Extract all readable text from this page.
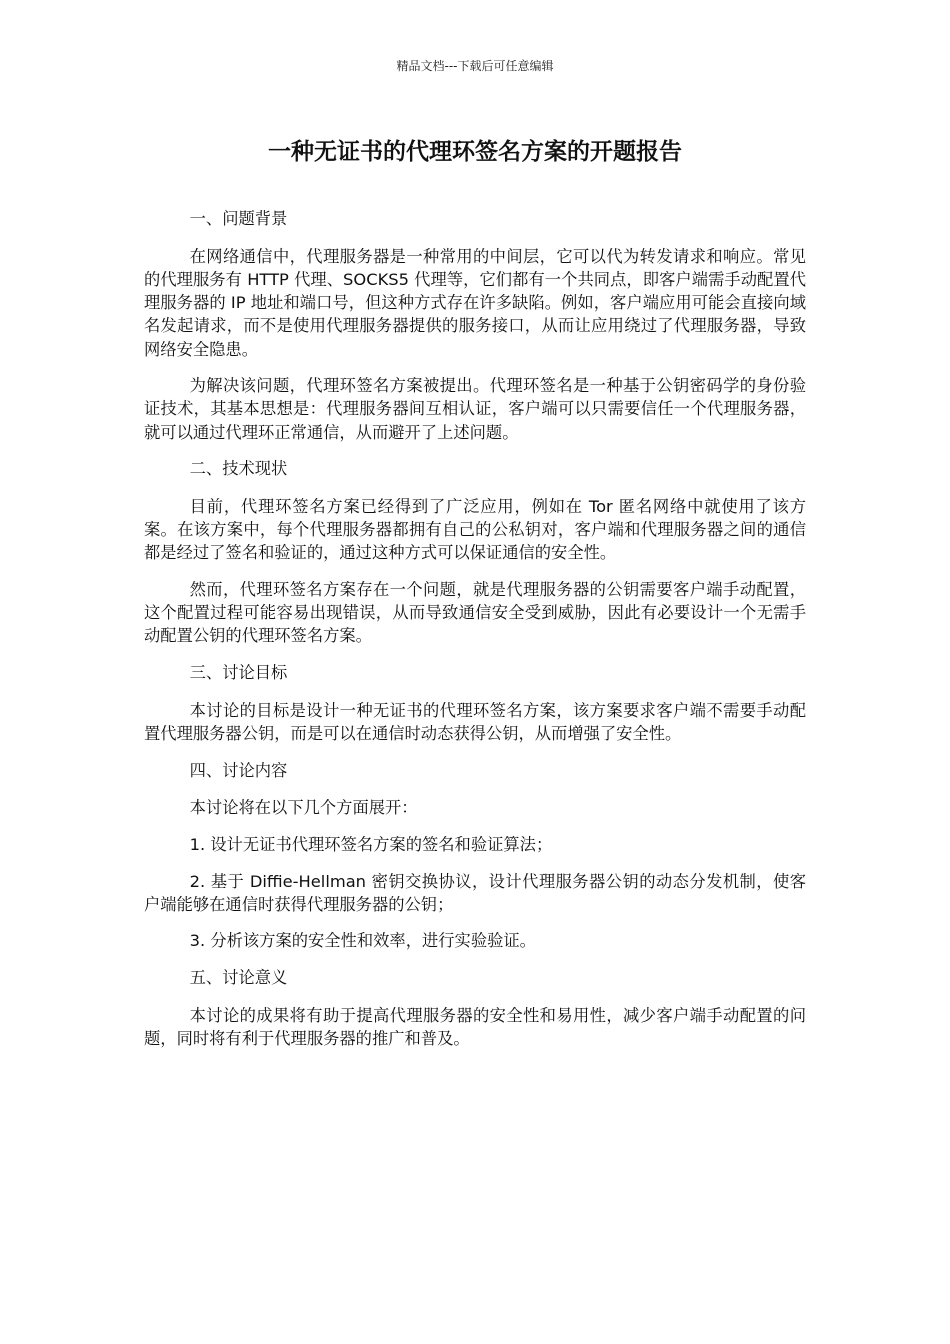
精品文档---下载后可任意编辑
一种无证书的代理环签名方案的开题报告

一、问题背景

在网络通信中，代理服务器是一种常用的中间层，它可以代为转发请求和响应。常见的代理服务有 HTTP 代理、SOCKS5 代理等，它们都有一个共同点，即客户端需手动配置代理服务器的 IP 地址和端口号，但这种方式存在许多缺陷。例如，客户端应用可能会直接向域名发起请求，而不是使用代理服务器提供的服务接口，从而让应用绕过了代理服务器，导致网络安全隐患。

为解决该问题，代理环签名方案被提出。代理环签名是一种基于公钥密码学的身份验证技术，其基本思想是：代理服务器间互相认证，客户端可以只需要信任一个代理服务器，就可以通过代理环正常通信，从而避开了上述问题。

二、技术现状

目前，代理环签名方案已经得到了广泛应用，例如在 Tor 匿名网络中就使用了该方案。在该方案中，每个代理服务器都拥有自己的公私钥对，客户端和代理服务器之间的通信都是经过了签名和验证的，通过这种方式可以保证通信的安全性。

然而，代理环签名方案存在一个问题，就是代理服务器的公钥需要客户端手动配置，这个配置过程可能容易出现错误，从而导致通信安全受到威胁，因此有必要设计一个无需手动配置公钥的代理环签名方案。

三、讨论目标

本讨论的目标是设计一种无证书的代理环签名方案，该方案要求客户端不需要手动配置代理服务器公钥，而是可以在通信时动态获得公钥，从而增强了安全性。

四、讨论内容

本讨论将在以下几个方面展开：

1. 设计无证书代理环签名方案的签名和验证算法；

2. 基于 Diffie-Hellman 密钥交换协议，设计代理服务器公钥的动态分发机制，使客户端能够在通信时获得代理服务器的公钥；

3. 分析该方案的安全性和效率，进行实验验证。

五、讨论意义

本讨论的成果将有助于提高代理服务器的安全性和易用性，减少客户端手动配置的问题，同时将有利于代理服务器的推广和普及。
